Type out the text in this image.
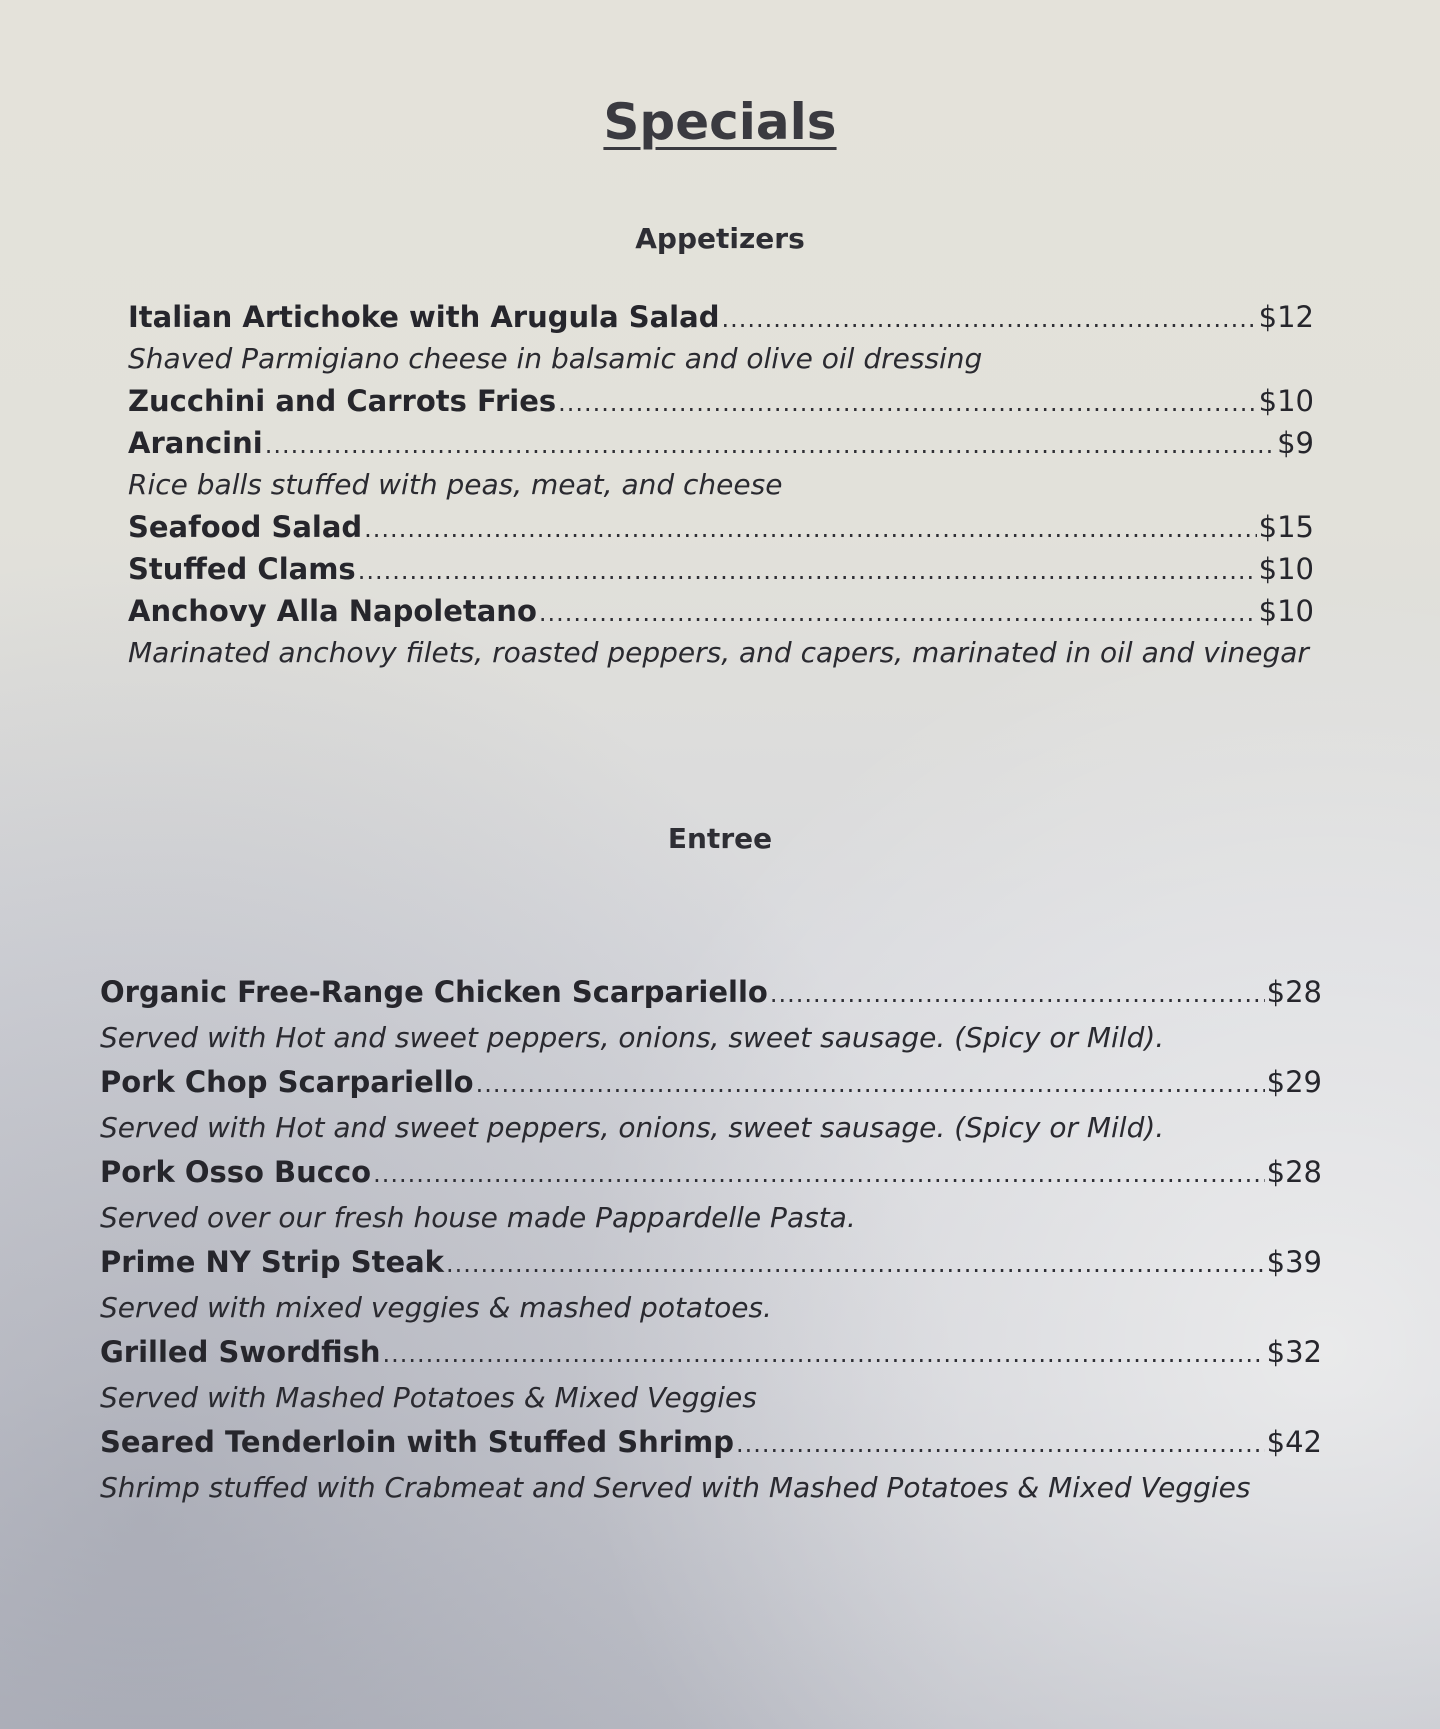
Specials
Appetizers
Italian Artichoke with Arugula Salad .....	$12
Shaved Parmigiano cheese in balsamic and olive oil dressing
Zucchini and Carrots Fries .....	$10
Arancini .....	$9
Rice balls stuffed with peas, meat, and cheese
Seafood Salad .....	$15
Stuffed Clams .....	$10
Anchovy Alla Napoletano .....	$10
Marinated anchovy filets, roasted peppers, and capers, marinated in oil and vinegar
Entree
Organic Free-Range Chicken Scarpariello .....	$28
Served with Hot and sweet peppers, onions, sweet sausage. (Spicy or Mild).
Pork Chop Scarpariello .....	$29
Served with Hot and sweet peppers, onions, sweet sausage. (Spicy or Mild).
Pork Osso Bucco .....	$28
Served over our fresh house made Pappardelle Pasta.
Prime NY Strip Steak .....	$39
Served with mixed veggies & mashed potatoes.
Grilled Swordfish .....	$32
Served with Mashed Potatoes & Mixed Veggies
Seared Tenderloin with Stuffed Shrimp .....	$42
Shrimp stuffed with Crabmeat and Served with Mashed Potatoes & Mixed Veggies
